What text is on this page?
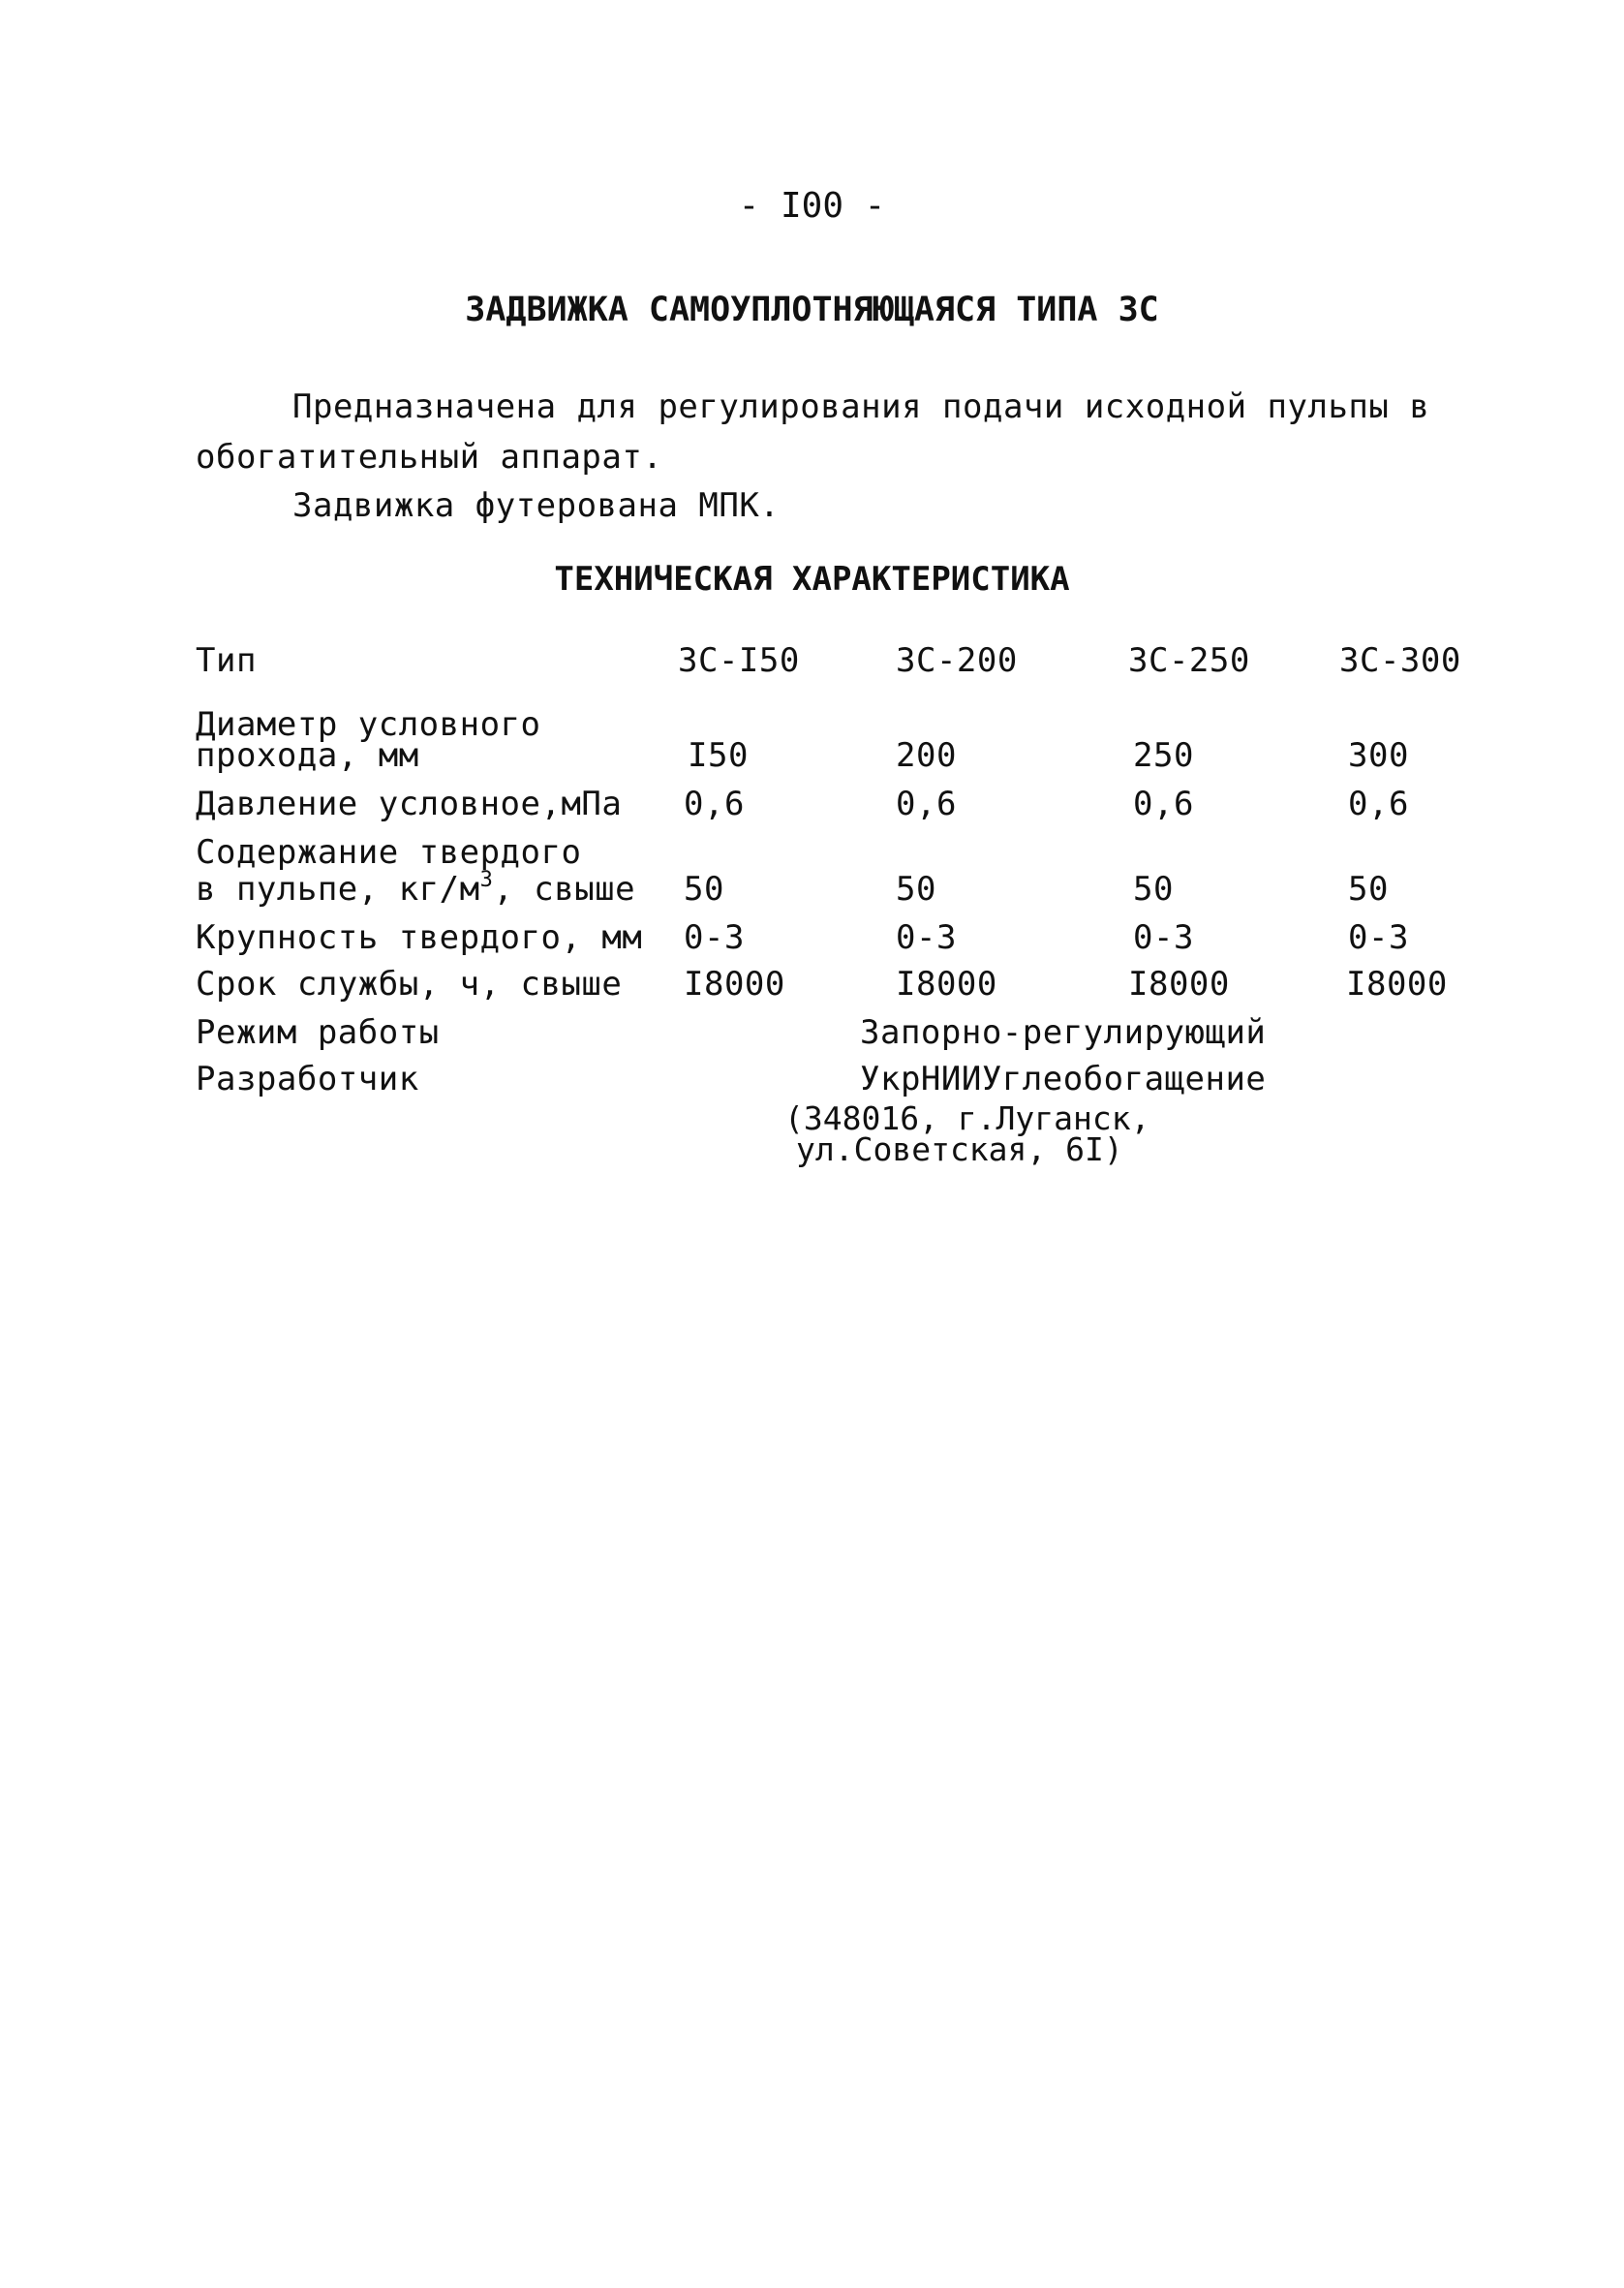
- I00 -
ЗАДВИЖКА САМОУПЛОТНЯЮЩАЯСЯ ТИПА ЗС
Предназначена для регулирования подачи исходной пульпы в
обогатительный аппарат.
Задвижка футерована МПК.
ТЕХНИЧЕСКАЯ ХАРАКТЕРИСТИКА
Тип	ЗС-I50	ЗС-200	ЗС-250	ЗС-300
Диаметр условного
прохода, мм	I50	200	250	300
Давление условное,мПа 0,6	0,6	0,6	0,6
Содержание твердого
в пульпе, $кг/м^3$, свыше 50	50	50	50
Крупность твердого, мм 0-3	0-3	0-3	0-3
Срок службы, ч, свыше I8000	I8000	I8000	I8000
Режим работы	Запорно-регулирующий
Разработчик	УкрНИИУглеобогащение
(348016, г.Луганск,
ул.Советская, 6I)
